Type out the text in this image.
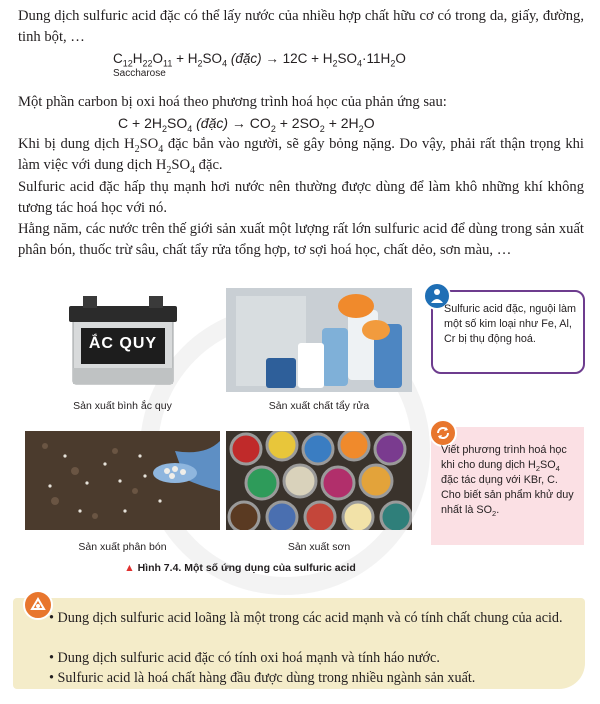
Dung dịch sulfuric acid đặc có thể lấy nước của nhiều hợp chất hữu cơ có trong da, giấy, đường, tinh bột, …

$C_{12}H_{22}O_{11} + H_2SO_4$ (đặc) → $12C + H_2SO_4\cdot 11H_2O$
Saccharose

Một phần carbon bị oxi hoá theo phương trình hoá học của phản ứng sau:

$C + 2H_2SO_4$ (đặc) → $CO_2 + 2SO_2 + 2H_2O$

Khi bị dung dịch $H_2SO_4$ đặc bắn vào người, sẽ gây bỏng nặng. Do vậy, phải rất thận trọng khi làm việc với dung dịch $H_2SO_4$ đặc.

Sulfuric acid đặc hấp thụ mạnh hơi nước nên thường được dùng để làm khô những khí không tương tác hoá học với nó.

Hằng năm, các nước trên thế giới sản xuất một lượng rất lớn sulfuric acid để dùng trong sản xuất phân bón, thuốc trừ sâu, chất tẩy rửa tổng hợp, tơ sợi hoá học, chất dẻo, sơn màu, …

ẮC QUY
Sản xuất bình ắc quy	Sản xuất chất tẩy rửa
Sản xuất phân bón	Sản xuất sơn
▲ Hình 7.4. Một số ứng dụng của sulfuric acid
Sulfuric acid đặc, nguội làm một số kim loại như Fe, Al, Cr bị thụ động hoá.
Viết phương trình hoá học khi cho dung dịch $H_2SO_4$ đặc tác dụng với KBr, C. Cho biết sản phẩm khử duy nhất là $SO_2$.

• Dung dịch sulfuric acid loãng là một trong các acid mạnh và có tính chất chung của acid.

• Dung dịch sulfuric acid đặc có tính oxi hoá mạnh và tính háo nước.

• Sulfuric acid là hoá chất hàng đầu được dùng trong nhiều ngành sản xuất.
